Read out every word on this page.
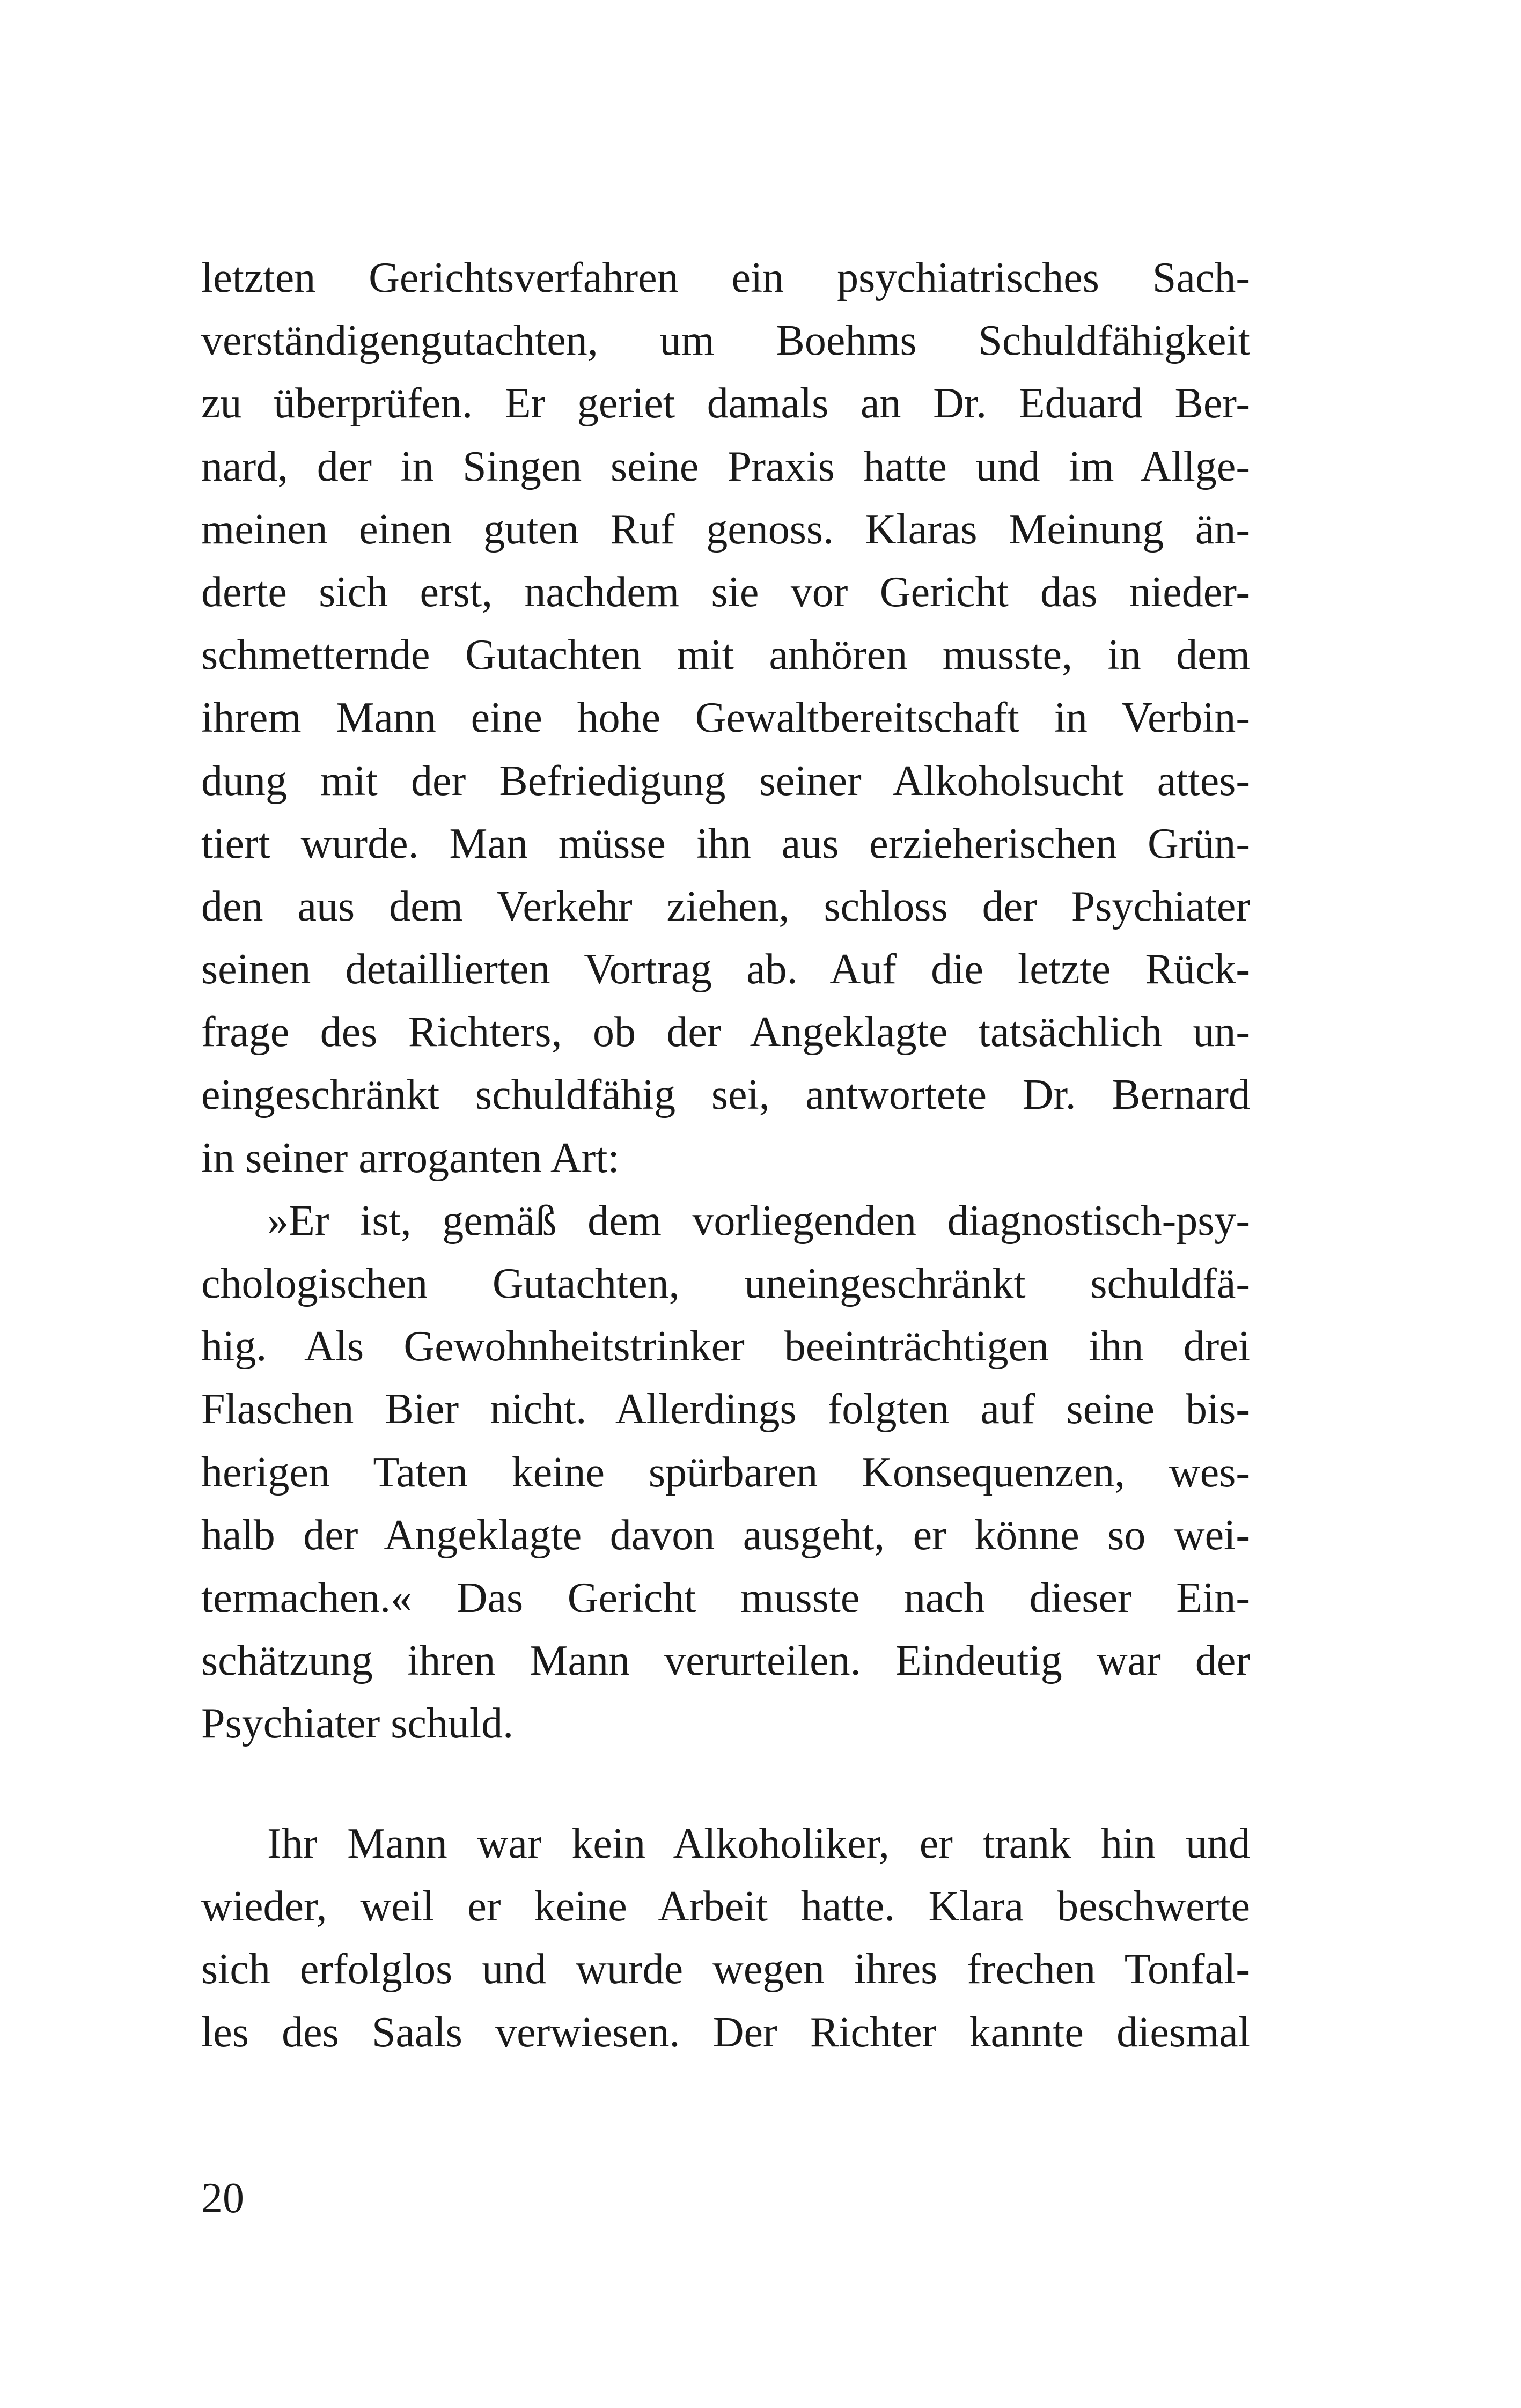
letzten Gerichtsverfahren ein psychiatrisches Sach-
verständigengutachten, um Boehms Schuldfähigkeit
zu überprüfen. Er geriet damals an Dr. Eduard Ber-
nard, der in Singen seine Praxis hatte und im Allge-
meinen einen guten Ruf genoss. Klaras Meinung än-
derte sich erst, nachdem sie vor Gericht das nieder-
schmetternde Gutachten mit anhören musste, in dem
ihrem Mann eine hohe Gewaltbereitschaft in Verbin-
dung mit der Befriedigung seiner Alkoholsucht attes-
tiert wurde. Man müsse ihn aus erzieherischen Grün-
den aus dem Verkehr ziehen, schloss der Psychiater
seinen detaillierten Vortrag ab. Auf die letzte Rück-
frage des Richters, ob der Angeklagte tatsächlich un-
eingeschränkt schuldfähig sei, antwortete Dr. Bernard
in seiner arroganten Art:
»Er ist, gemäß dem vorliegenden diagnostisch-psy-
chologischen Gutachten, uneingeschränkt schuldfä-
hig. Als Gewohnheitstrinker beeinträchtigen ihn drei
Flaschen Bier nicht. Allerdings folgten auf seine bis-
herigen Taten keine spürbaren Konsequenzen, wes-
halb der Angeklagte davon ausgeht, er könne so wei-
termachen.« Das Gericht musste nach dieser Ein-
schätzung ihren Mann verurteilen. Eindeutig war der
Psychiater schuld.
Ihr Mann war kein Alkoholiker, er trank hin und
wieder, weil er keine Arbeit hatte. Klara beschwerte
sich erfolglos und wurde wegen ihres frechen Tonfal-
les des Saals verwiesen. Der Richter kannte diesmal
20
